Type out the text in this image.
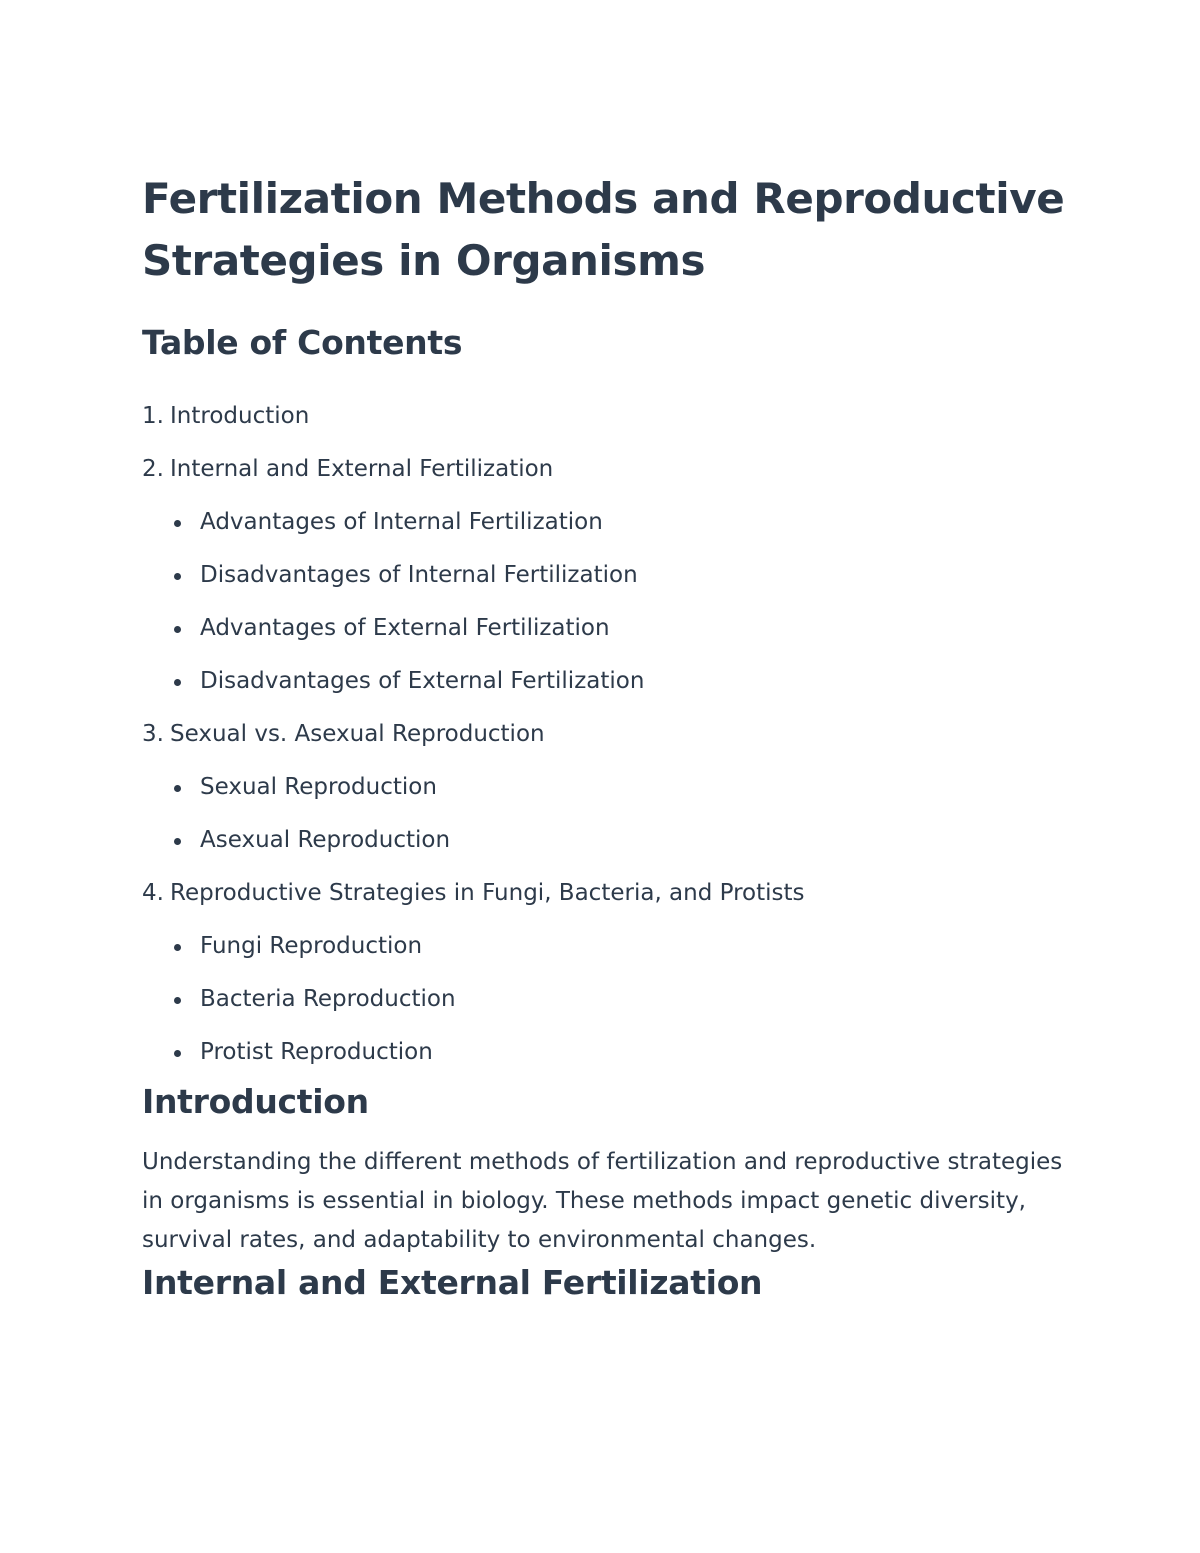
Fertilization Methods and Reproductive Strategies in Organisms
Table of Contents
1. Introduction
2. Internal and External Fertilization
Advantages of Internal Fertilization
Disadvantages of Internal Fertilization
Advantages of External Fertilization
Disadvantages of External Fertilization
3. Sexual vs. Asexual Reproduction
Sexual Reproduction
Asexual Reproduction
4. Reproductive Strategies in Fungi, Bacteria, and Protists
Fungi Reproduction
Bacteria Reproduction
Protist Reproduction
Introduction

Understanding the different methods of fertilization and reproductive strategies in organisms is essential in biology. These methods impact genetic diversity, survival rates, and adaptability to environmental changes.

Internal and External Fertilization
